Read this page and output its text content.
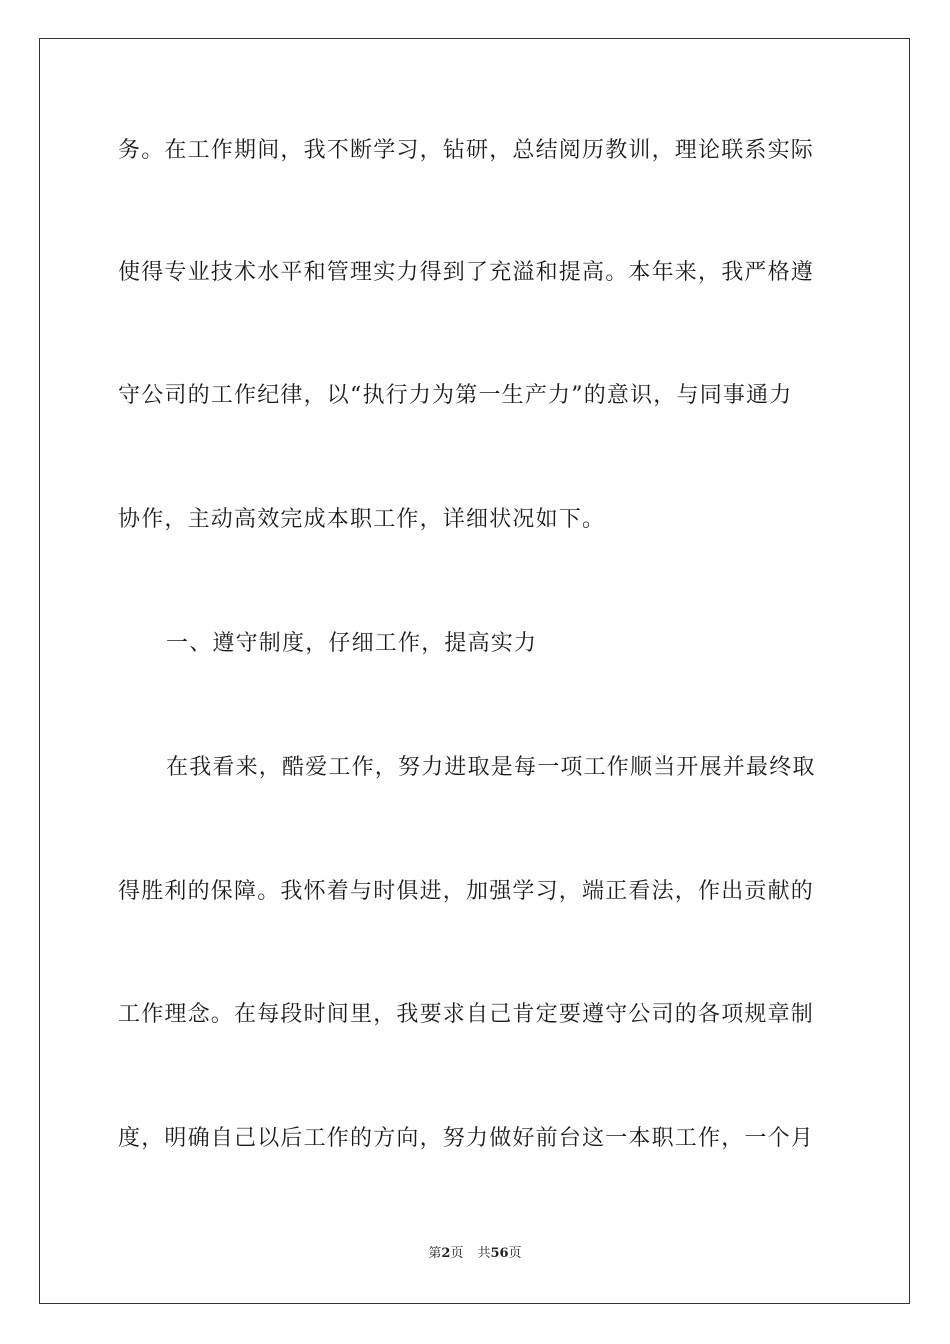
务。在工作期间，我不断学习，钻研，总结阅历教训，理论联系实际
使得专业技术水平和管理实力得到了充溢和提高。本年来，我严格遵
守公司的工作纪律，以“执行力为第一生产力”的意识，与同事通力
协作，主动高效完成本职工作，详细状况如下。
一、遵守制度，仔细工作，提高实力
在我看来，酷爱工作，努力进取是每一项工作顺当开展并最终取
得胜利的保障。我怀着与时俱进，加强学习，端正看法，作出贡献的
工作理念。在每段时间里，我要求自己肯定要遵守公司的各项规章制
度，明确自己以后工作的方向，努力做好前台这一本职工作，一个月
第2页 共56页
